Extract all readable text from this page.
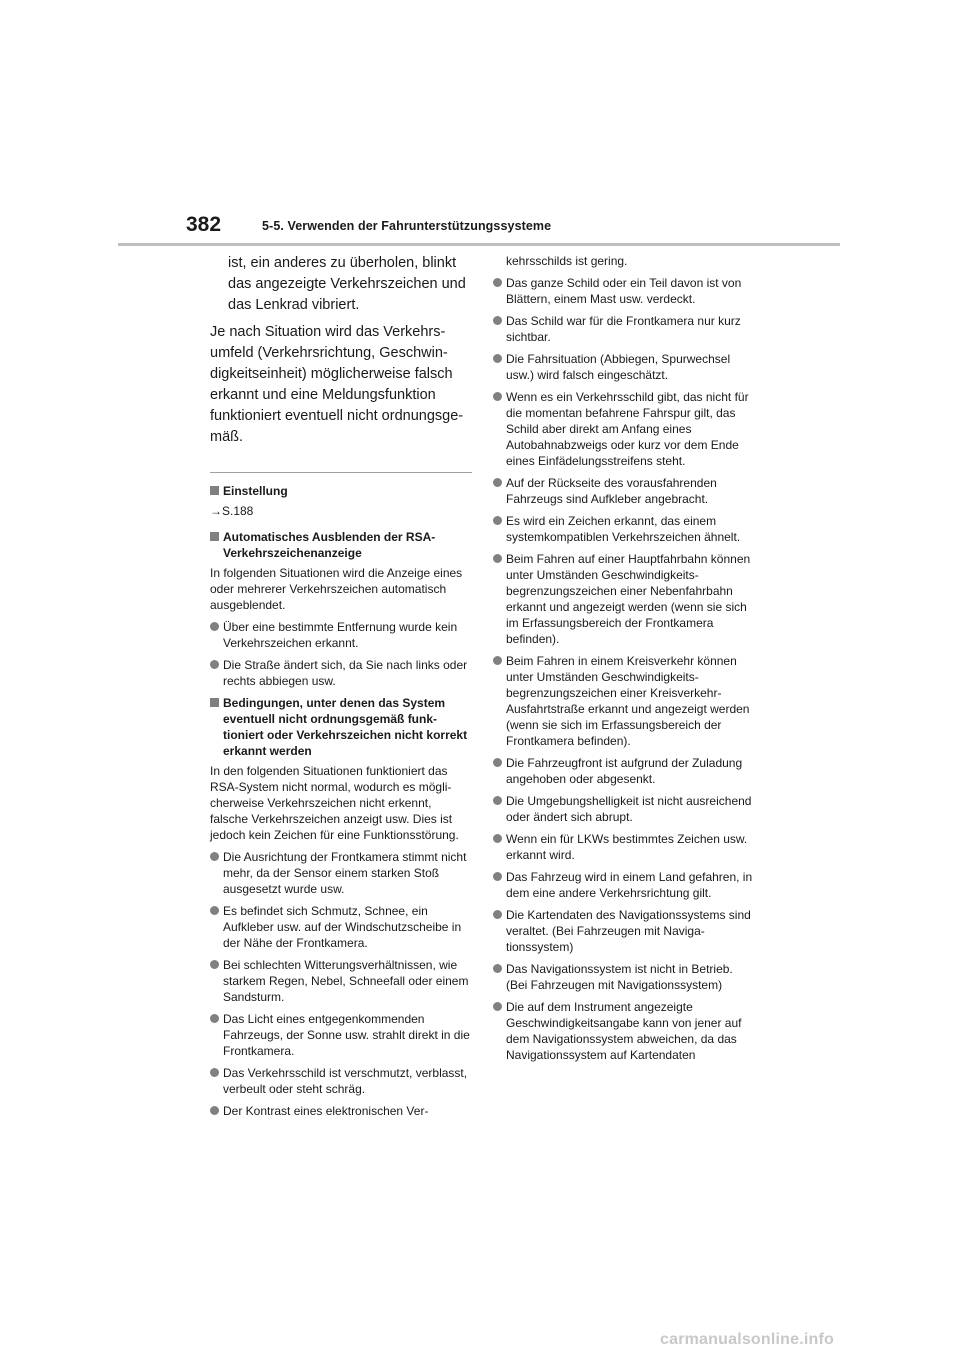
382	5-5. Verwenden der Fahrunterstützungssysteme

ist, ein anderes zu überholen, blinkt das angezeigte Verkehrszeichen und das Lenkrad vibriert.

Je nach Situation wird das Verkehrsumfeld (Verkehrsrichtung, Geschwindigkeitseinheit) möglicherweise falsch erkannt und eine Meldungsfunktion funktioniert eventuell nicht ordnungsgemäß.

Einstellung

→S.188

Automatisches Ausblenden der RSA-Verkehrszeichenanzeige

In folgenden Situationen wird die Anzeige eines oder mehrerer Verkehrszeichen automatisch ausgeblendet.

Über eine bestimmte Entfernung wurde kein Verkehrszeichen erkannt.
Die Straße ändert sich, da Sie nach links oder rechts abbiegen usw.
Bedingungen, unter denen das System eventuell nicht ordnungsgemäß funktioniert oder Verkehrszeichen nicht korrekt erkannt werden

In den folgenden Situationen funktioniert das RSA-System nicht normal, wodurch es möglicherweise Verkehrszeichen nicht erkennt, falsche Verkehrszeichen anzeigt usw. Dies ist jedoch kein Zeichen für eine Funktionsstörung.

Die Ausrichtung der Frontkamera stimmt nicht mehr, da der Sensor einem starken Stoß ausgesetzt wurde usw.
Es befindet sich Schmutz, Schnee, ein Aufkleber usw. auf der Windschutzscheibe in der Nähe der Frontkamera.
Bei schlechten Witterungsverhältnissen, wie starkem Regen, Nebel, Schneefall oder einem Sandsturm.
Das Licht eines entgegenkommenden Fahrzeugs, der Sonne usw. strahlt direkt in die Frontkamera.
Das Verkehrsschild ist verschmutzt, verblasst, verbeult oder steht schräg.
Der Kontrast eines elektronischen Ver-

kehrsschilds ist gering.

Das ganze Schild oder ein Teil davon ist von Blättern, einem Mast usw. verdeckt.
Das Schild war für die Frontkamera nur kurz sichtbar.
Die Fahrsituation (Abbiegen, Spurwechsel usw.) wird falsch eingeschätzt.
Wenn es ein Verkehrsschild gibt, das nicht für die momentan befahrene Fahrspur gilt, das Schild aber direkt am Anfang eines Autobahnabzweigs oder kurz vor dem Ende eines Einfädelungsstreifens steht.
Auf der Rückseite des vorausfahrenden Fahrzeugs sind Aufkleber angebracht.
Es wird ein Zeichen erkannt, das einem systemkompatiblen Verkehrszeichen ähnelt.
Beim Fahren auf einer Hauptfahrbahn können unter Umständen Geschwindigkeitsbegrenzungszeichen einer Nebenfahrbahn erkannt und angezeigt werden (wenn sie sich im Erfassungsbereich der Frontkamera befinden).
Beim Fahren in einem Kreisverkehr können unter Umständen Geschwindigkeitsbegrenzungszeichen einer Kreisverkehr-Ausfahrtstraße erkannt und angezeigt werden (wenn sie sich im Erfassungsbereich der Frontkamera befinden).
Die Fahrzeugfront ist aufgrund der Zuladung angehoben oder abgesenkt.
Die Umgebungshelligkeit ist nicht ausreichend oder ändert sich abrupt.
Wenn ein für LKWs bestimmtes Zeichen usw. erkannt wird.
Das Fahrzeug wird in einem Land gefahren, in dem eine andere Verkehrsrichtung gilt.
Die Kartendaten des Navigationssystems sind veraltet. (Bei Fahrzeugen mit Navigationssystem)
Das Navigationssystem ist nicht in Betrieb. (Bei Fahrzeugen mit Navigationssystem)
Die auf dem Instrument angezeigte Geschwindigkeitsangabe kann von jener auf dem Navigationssystem abweichen, da das Navigationssystem auf Kartendaten
carmanualsonline.info
